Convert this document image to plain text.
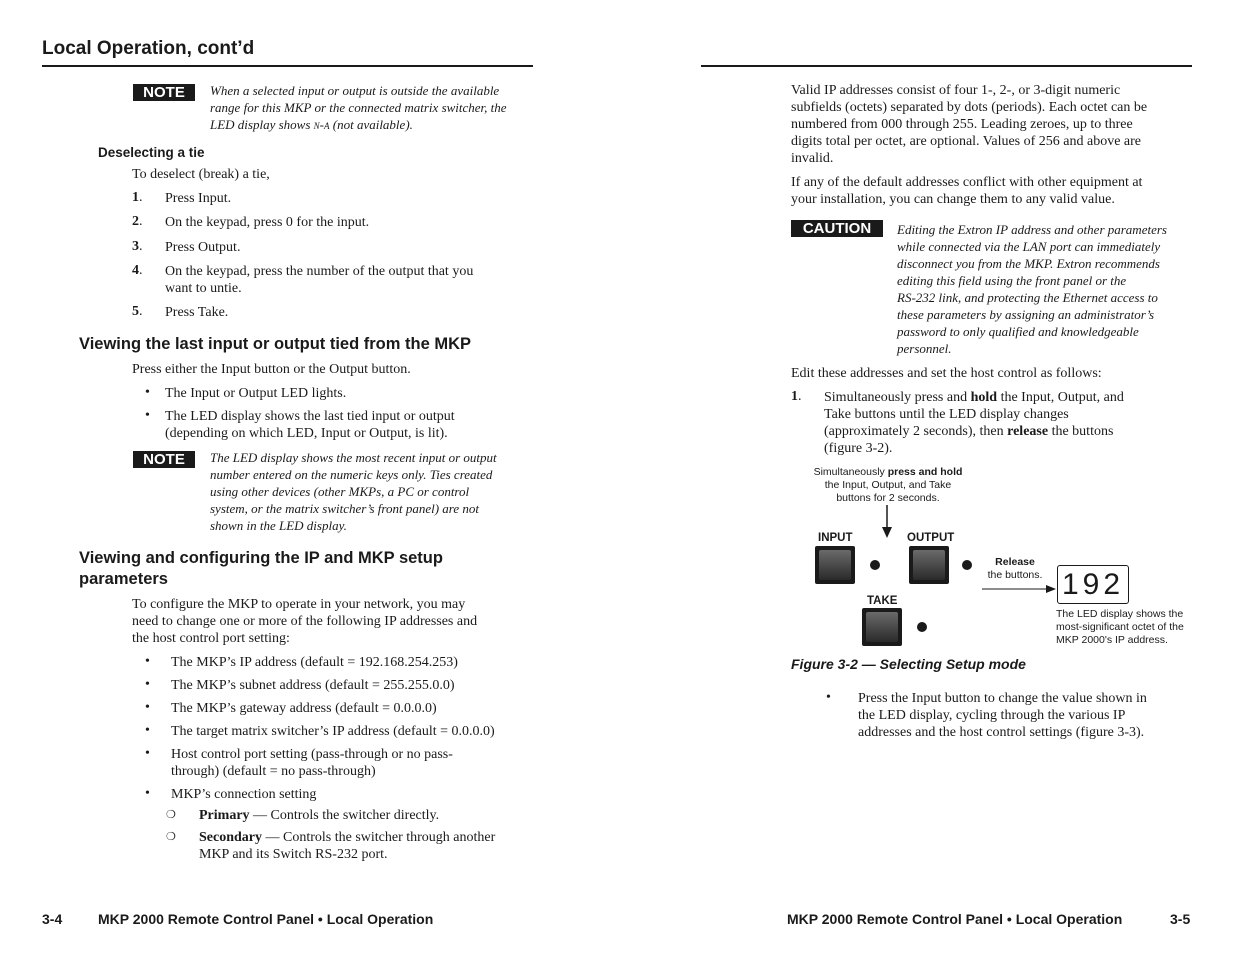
Local Operation, cont’d
NOTE	When a selected input or output is outside the available
range for this MKP or the connected matrix switcher, the
LED display shows n-a (not available).
Deselecting a tie
To deselect (break) a tie,
1. Press Input.
2. On the keypad, press 0 for the input.
3. Press Output.
4. On the keypad, press the number of the output that you
want to untie.
5. Press Take.
Viewing the last input or output tied from the MKP
Press either the Input button or the Output button.
• The Input or Output LED lights.
• The LED display shows the last tied input or output
(depending on which LED, Input or Output, is lit).
NOTE	The LED display shows the most recent input or output
number entered on the numeric keys only. Ties created
using other devices (other MKPs, a PC or control
system, or the matrix switcher’s front panel) are not
shown in the LED display.
Viewing and configuring the IP and MKP setup
parameters
To configure the MKP to operate in your network, you may
need to change one or more of the following IP addresses and
the host control port setting:
• The MKP’s IP address (default = 192.168.254.253)
• The MKP’s subnet address (default = 255.255.0.0)
• The MKP’s gateway address (default = 0.0.0.0)
• The target matrix switcher’s IP address (default = 0.0.0.0)
• Host control port setting (pass-through or no pass-
through) (default = no pass-through)
• MKP’s connection setting
❍ Primary — Controls the switcher directly.
❍ Secondary — Controls the switcher through another
MKP and its Switch RS-232 port.
3-4	MKP 2000 Remote Control Panel • Local Operation
Valid IP addresses consist of four 1-, 2-, or 3-digit numeric
subfields (octets) separated by dots (periods). Each octet can be
numbered from 000 through 255. Leading zeroes, up to three
digits total per octet, are optional. Values of 256 and above are
invalid.
If any of the default addresses conflict with other equipment at
your installation, you can change them to any valid value.
CAUTION	Editing the Extron IP address and other parameters
while connected via the LAN port can immediately
disconnect you from the MKP. Extron recommends
editing this field using the front panel or the
RS-232 link, and protecting the Ethernet access to
these parameters by assigning an administrator’s
password to only qualified and knowledgeable
personnel.
Edit these addresses and set the host control as follows:
1. Simultaneously press and hold the Input, Output, and
Take buttons until the LED display changes
(approximately 2 seconds), then release the buttons
(figure 3-2).
Simultaneously press and hold
the Input, Output, and Take
buttons for 2 seconds.
INPUT	OUTPUT
TAKE
Release
the buttons. 192
The LED display shows the
most-significant octet of the
MKP 2000's IP address.
Figure 3-2 — Selecting Setup mode
• Press the Input button to change the value shown in
the LED display, cycling through the various IP
addresses and the host control settings (figure 3-3).
MKP 2000 Remote Control Panel • Local Operation	3-5
